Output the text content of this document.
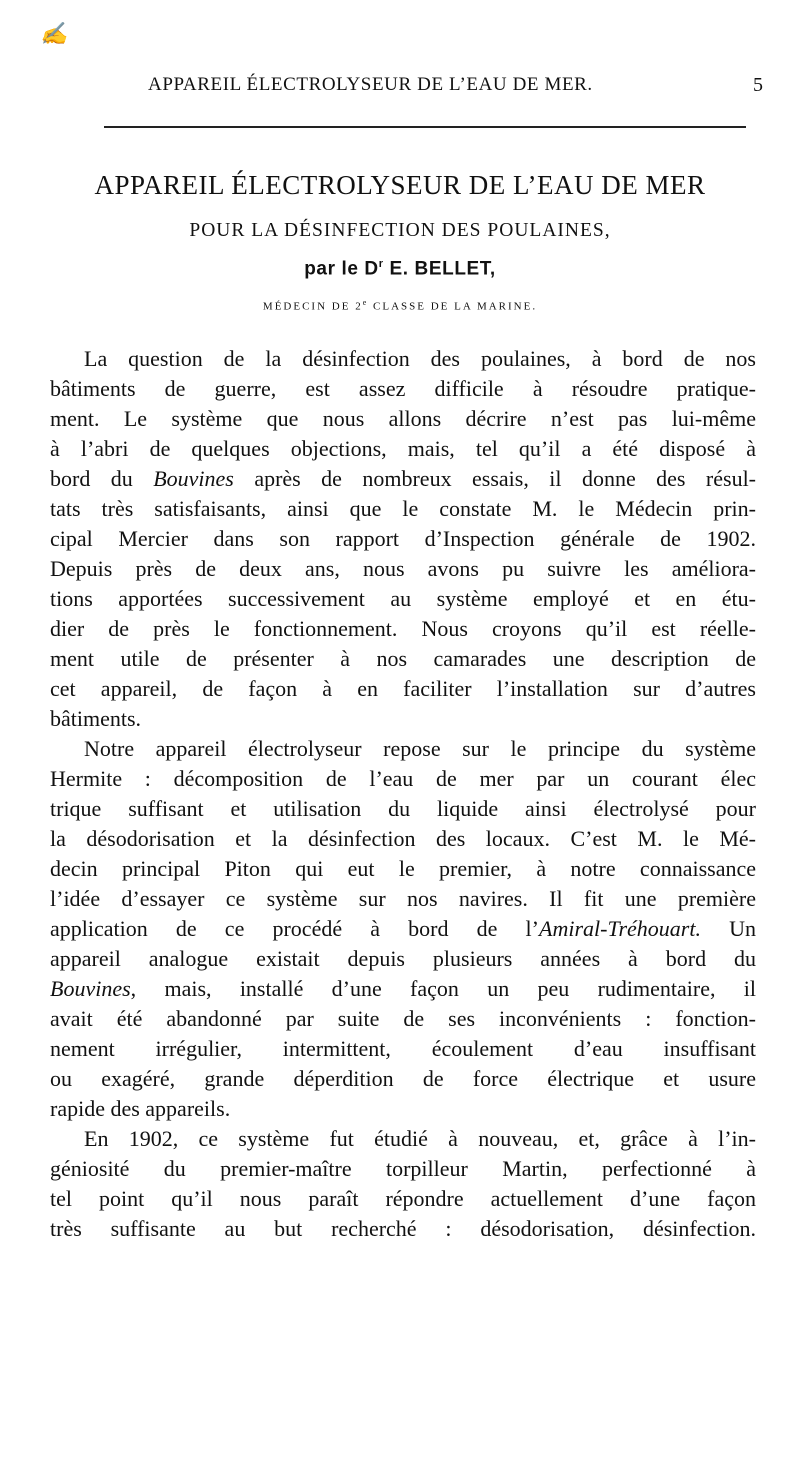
✍
APPAREIL ÉLECTROLYSEUR DE L’EAU DE MER.	5
APPAREIL ÉLECTROLYSEUR DE L’EAU DE MER
POUR LA DÉSINFECTION DES POULAINES,
par le $D^r$ E. BELLET,
MÉDECIN DE 2e CLASSE DE LA MARINE.
La question de la désinfection des poulaines, à bord de nos
bâtiments de guerre, est assez difficile à résoudre pratique-
ment. Le système que nous allons décrire n’est pas lui-même
à l’abri de quelques objections, mais, tel qu’il a été disposé à
bord du Bouvines après de nombreux essais, il donne des résul-
tats très satisfaisants, ainsi que le constate M. le Médecin prin-
cipal Mercier dans son rapport d’Inspection générale de 1902.
Depuis près de deux ans, nous avons pu suivre les améliora-
tions apportées successivement au système employé et en étu-
dier de près le fonctionnement. Nous croyons qu’il est réelle-
ment utile de présenter à nos camarades une description de
cet appareil, de façon à en faciliter l’installation sur d’autres
bâtiments.
Notre appareil électrolyseur repose sur le principe du système
Hermite : décomposition de l’eau de mer par un courant élec
trique suffisant et utilisation du liquide ainsi électrolysé pour
la désodorisation et la désinfection des locaux. C’est M. le Mé-
decin principal Piton qui eut le premier, à notre connaissance
l’idée d’essayer ce système sur nos navires. Il fit une première
application de ce procédé à bord de l’Amiral-Tréhouart. Un
appareil analogue existait depuis plusieurs années à bord du
Bouvines, mais, installé d’une façon un peu rudimentaire, il
avait été abandonné par suite de ses inconvénients : fonction-
nement irrégulier, intermittent, écoulement d’eau insuffisant
ou exagéré, grande déperdition de force électrique et usure
rapide des appareils.
En 1902, ce système fut étudié à nouveau, et, grâce à l’in-
géniosité du premier-maître torpilleur Martin, perfectionné à
tel point qu’il nous paraît répondre actuellement d’une façon
très suffisante au but recherché : désodorisation, désinfection.
